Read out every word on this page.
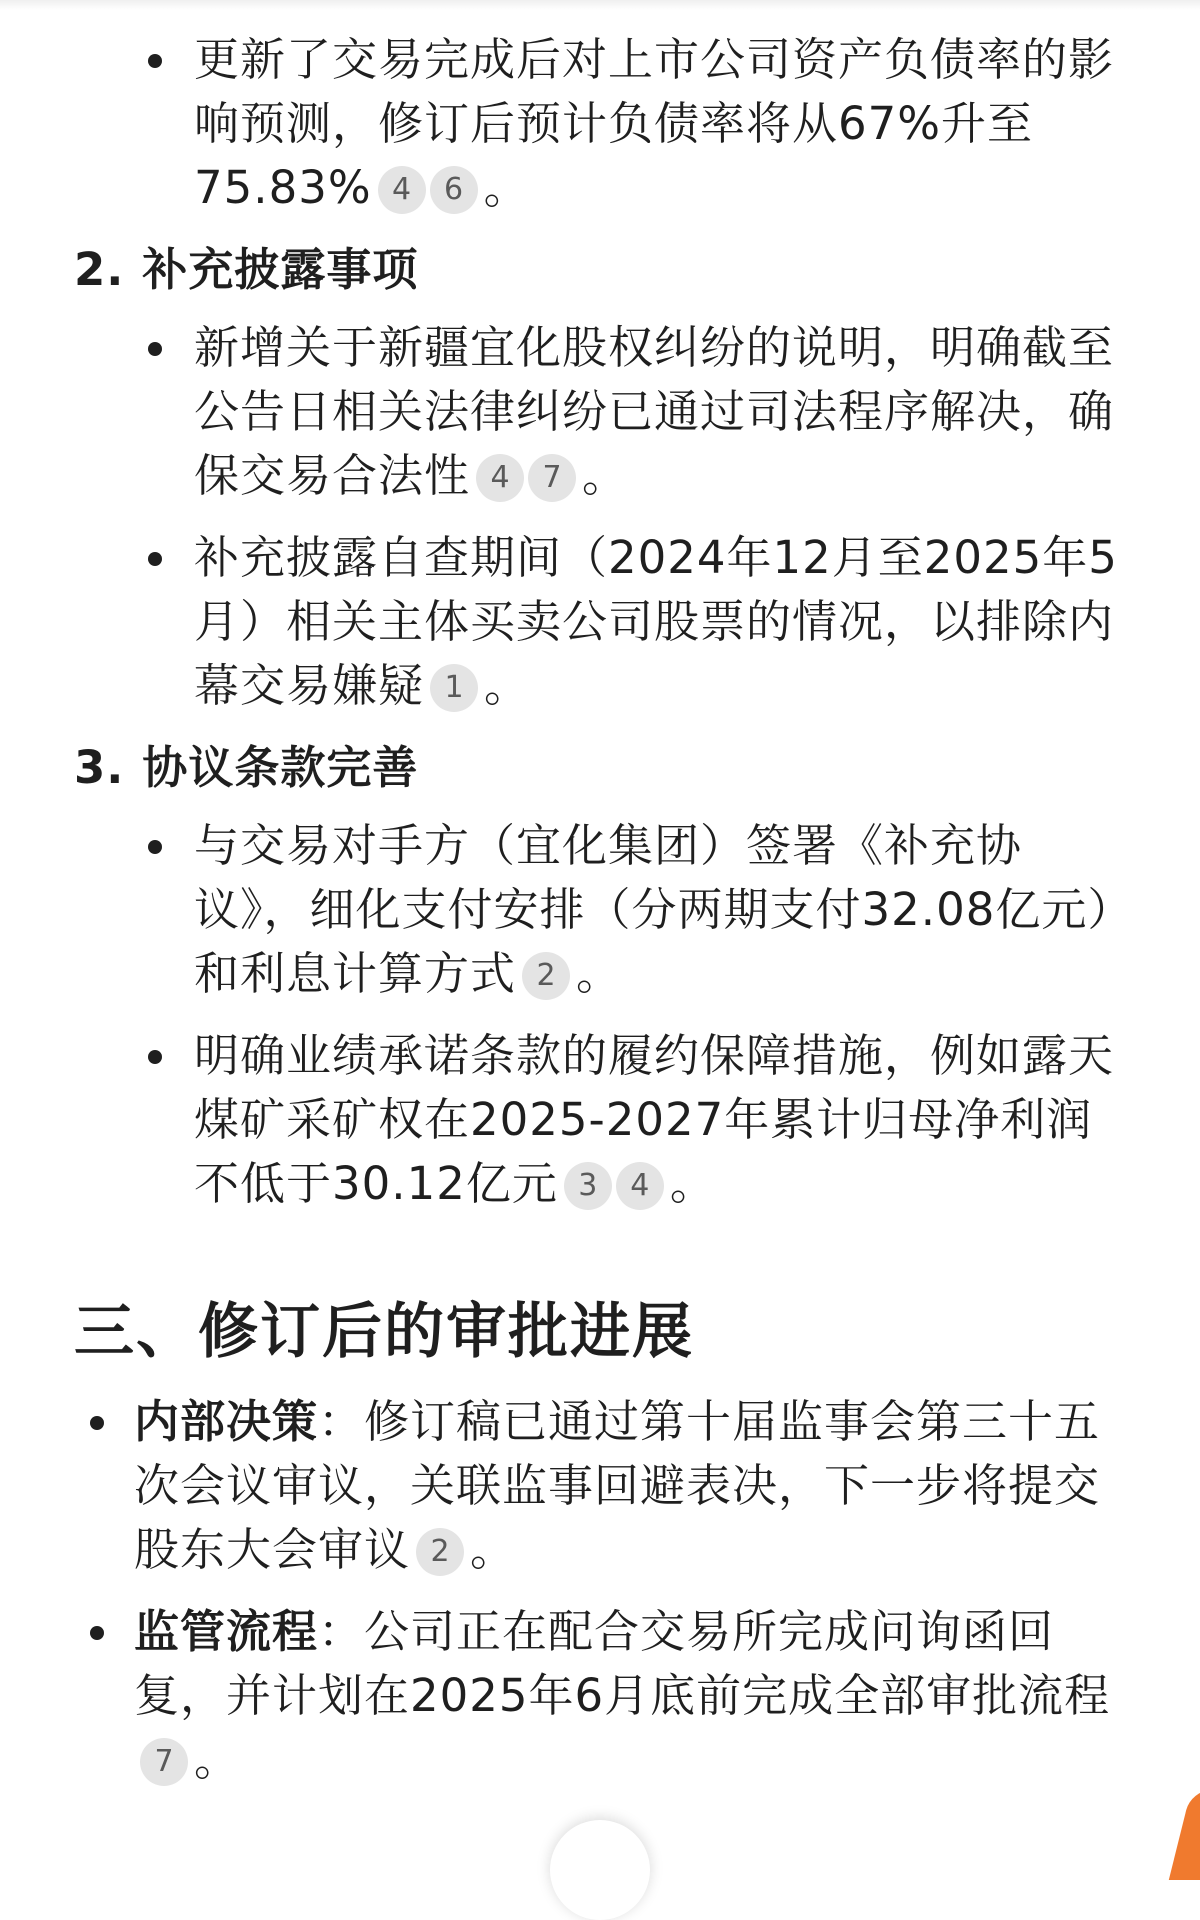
更新了交易完成后对上市公司资产负债率的影响预测，修订后预计负债率将从67%升至75.83% 4 6 。
2. 补充披露事项
新增关于新疆宜化股权纠纷的说明，明确截至公告日相关法律纠纷已通过司法程序解决，确保交易合法性 4 7 。
补充披露自查期间（2024年12月至2025年5月）相关主体买卖公司股票的情况，以排除内幕交易嫌疑 1 。
3. 协议条款完善
与交易对手方（宜化集团）签署《补充协议》，细化支付安排（分两期支付32.08亿元）和利息计算方式 2 。
明确业绩承诺条款的履约保障措施，例如露天煤矿采矿权在2025-2027年累计归母净利润不低于30.12亿元 3 4 。
三、修订后的审批进展
内部决策：修订稿已通过第十届监事会第三十五次会议审议，关联监事回避表决，下一步将提交股东大会审议 2 。
监管流程：公司正在配合交易所完成问询函回复，并计划在2025年6月底前完成全部审批流程7 。
